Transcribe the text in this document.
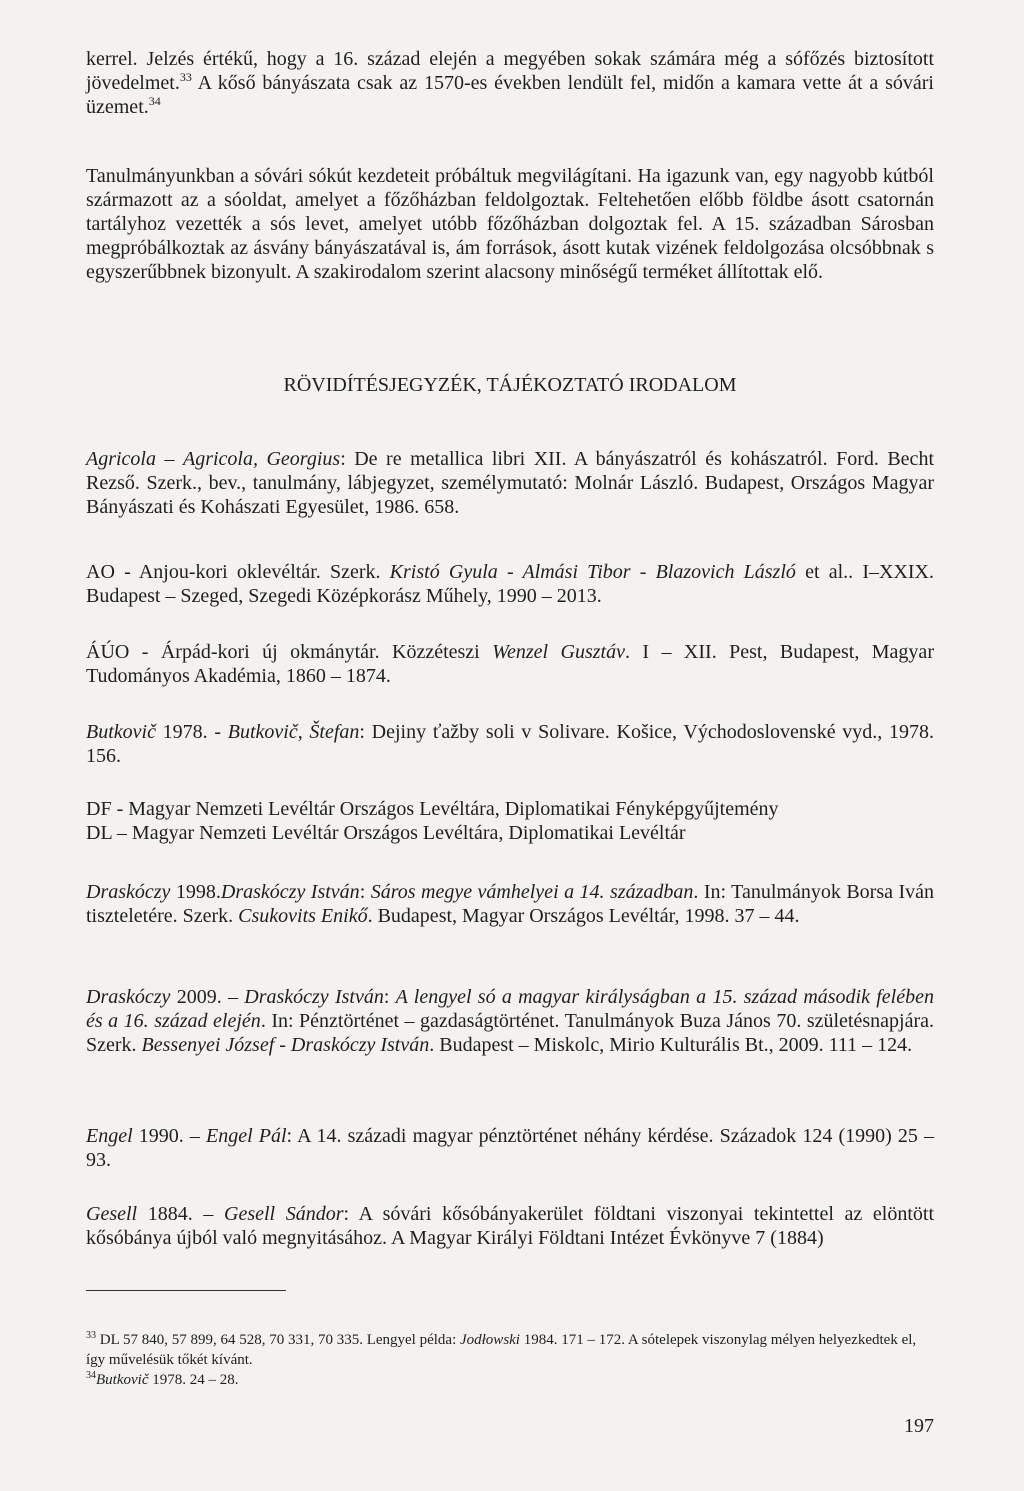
kerrel. Jelzés értékű, hogy a 16. század elején a megyében sokak számára még a sófőzés biztosított jövedelmet.$^{33}$ A kőső bányászata csak az 1570-es években lendült fel, midőn a kamara vette át a sóvári üzemet.$^{34}$
Tanulmányunkban a sóvári sókút kezdeteit próbáltuk megvilágítani. Ha igazunk van, egy nagyobb kútból származott az a sóoldat, amelyet a főzőházban feldolgoztak. Feltehetően előbb földbe ásott csatornán tartályhoz vezették a sós levet, amelyet utóbb főzőházban dolgoztak fel. A 15. században Sárosban megpróbálkoztak az ásvány bányászatával is, ám források, ásott kutak vizének feldolgozása olcsóbbnak s egyszerűbbnek bizonyult. A szakirodalom szerint alacsony minőségű terméket állítottak elő.
RÖVIDÍTÉSJEGYZÉK, TÁJÉKOZTATÓ IRODALOM
Agricola – Agricola, Georgius: De re metallica libri XII. A bányászatról és kohászatról. Ford. Becht Rezső. Szerk., bev., tanulmány, lábjegyzet, személymutató: Molnár László. Budapest, Országos Magyar Bányászati és Kohászati Egyesület, 1986. 658.
AO - Anjou-kori oklevéltár. Szerk. Kristó Gyula - Almási Tibor - Blazovich László et al.. I–XXIX. Budapest – Szeged, Szegedi Középkorász Műhely, 1990 – 2013.
ÁÚO - Árpád-kori új okmánytár. Közzéteszi Wenzel Gusztáv. I – XII. Pest, Budapest, Magyar Tudományos Akadémia, 1860 – 1874.
Butkovič 1978. - Butkovič, Štefan: Dejiny ťažby soli v Solivare. Košice, Východoslovenské vyd., 1978. 156.
DF - Magyar Nemzeti Levéltár Országos Levéltára, Diplomatikai Fényképgyűjtemény
DL – Magyar Nemzeti Levéltár Országos Levéltára, Diplomatikai Levéltár
Draskóczy 1998.Draskóczy István: Sáros megye vámhelyei a 14. században. In: Tanulmányok Borsa Iván tiszteletére. Szerk. Csukovits Enikő. Budapest, Magyar Országos Levéltár, 1998. 37 – 44.
Draskóczy 2009. – Draskóczy István: A lengyel só a magyar királyságban a 15. század második felében és a 16. század elején. In: Pénztörténet – gazdaságtörténet. Tanulmányok Buza János 70. születésnapjára. Szerk. Bessenyei József - Draskóczy István. Budapest – Miskolc, Mirio Kulturális Bt., 2009. 111 – 124.
Engel 1990. – Engel Pál: A 14. századi magyar pénztörténet néhány kérdése. Századok 124 (1990) 25 – 93.
Gesell 1884. – Gesell Sándor: A sóvári kősóbányakerület földtani viszonyai tekintettel az elöntött kősóbánya újból való megnyitásához. A Magyar Királyi Földtani Intézet Évkönyve 7 (1884)
$^{33}$ DL 57 840, 57 899, 64 528, 70 331, 70 335. Lengyel példa: Jodłowski 1984. 171 – 172. A sótelepek viszonylag mélyen helyezkedtek el, így művelésük tőkét kívánt.
$^{34}$Butkovič 1978. 24 – 28.
197
